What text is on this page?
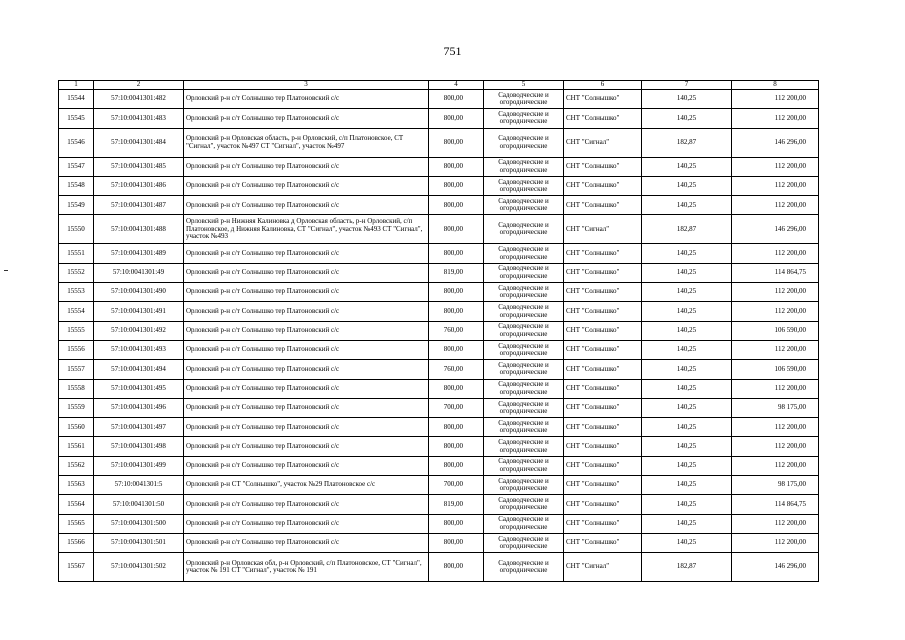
751
1	2	3	4	5	6	7	8
15544	57:10:0041301:482	Орловский р-н с/т Солнышко тер Платоновский с/с	800,00	Садоводческие и огороднические	СНТ "Солнышко"	140,25	112 200,00
15545	57:10:0041301:483	Орловский р-н с/т Солнышко тер Платоновский с/с	800,00	Садоводческие и огороднические	СНТ "Солнышко"	140,25	112 200,00
15546	57:10:0041301:484	Орловский р-н Орловская область, р-н Орловский, с/п Платоновское, СТ "Сигнал", участок №497 СТ "Сигнал", участок №497	800,00	Садоводческие и огороднические	СНТ "Сигнал"	182,87	146 296,00
15547	57:10:0041301:485	Орловский р-н с/т Солнышко тер Платоновский с/с	800,00	Садоводческие и огороднические	СНТ "Солнышко"	140,25	112 200,00
15548	57:10:0041301:486	Орловский р-н с/т Солнышко тер Платоновский с/с	800,00	Садоводческие и огороднические	СНТ "Солнышко"	140,25	112 200,00
15549	57:10:0041301:487	Орловский р-н с/т Солнышко тер Платоновский с/с	800,00	Садоводческие и огороднические	СНТ "Солнышко"	140,25	112 200,00
15550	57:10:0041301:488	Орловский р-н Нижняя Калиновка д Орловская область, р-н Орловский, с/п Платоновское, д Нижняя Калиновка, СТ "Сигнал", участок №493 СТ "Сигнал", участок №493	800,00	Садоводческие и огороднические	СНТ "Сигнал"	182,87	146 296,00
15551	57:10:0041301:489	Орловский р-н с/т Солнышко тер Платоновский с/с	800,00	Садоводческие и огороднические	СНТ "Солнышко"	140,25	112 200,00
15552	57:10:0041301:49	Орловский р-н с/т Солнышко тер Платоновский с/с	819,00	Садоводческие и огороднические	СНТ "Солнышко"	140,25	114 864,75
15553	57:10:0041301:490	Орловский р-н с/т Солнышко тер Платоновский с/с	800,00	Садоводческие и огороднические	СНТ "Солнышко"	140,25	112 200,00
15554	57:10:0041301:491	Орловский р-н с/т Солнышко тер Платоновский с/с	800,00	Садоводческие и огороднические	СНТ "Солнышко"	140,25	112 200,00
15555	57:10:0041301:492	Орловский р-н с/т Солнышко тер Платоновский с/с	760,00	Садоводческие и огороднические	СНТ "Солнышко"	140,25	106 590,00
15556	57:10:0041301:493	Орловский р-н с/т Солнышко тер Платоновский с/с	800,00	Садоводческие и огороднические	СНТ "Солнышко"	140,25	112 200,00
15557	57:10:0041301:494	Орловский р-н с/т Солнышко тер Платоновский с/с	760,00	Садоводческие и огороднические	СНТ "Солнышко"	140,25	106 590,00
15558	57:10:0041301:495	Орловский р-н с/т Солнышко тер Платоновский с/с	800,00	Садоводческие и огороднические	СНТ "Солнышко"	140,25	112 200,00
15559	57:10:0041301:496	Орловский р-н с/т Солнышко тер Платоновский с/с	700,00	Садоводческие и огороднические	СНТ "Солнышко"	140,25	98 175,00
15560	57:10:0041301:497	Орловский р-н с/т Солнышко тер Платоновский с/с	800,00	Садоводческие и огороднические	СНТ "Солнышко"	140,25	112 200,00
15561	57:10:0041301:498	Орловский р-н с/т Солнышко тер Платоновский с/с	800,00	Садоводческие и огороднические	СНТ "Солнышко"	140,25	112 200,00
15562	57:10:0041301:499	Орловский р-н с/т Солнышко тер Платоновский с/с	800,00	Садоводческие и огороднические	СНТ "Солнышко"	140,25	112 200,00
15563	57:10:0041301:5	Орловский р-н СТ "Солнышко", участок №29 Платоновское с/с	700,00	Садоводческие и огороднические	СНТ "Солнышко"	140,25	98 175,00
15564	57:10:0041301:50	Орловский р-н с/т Солнышко тер Платоновский с/с	819,00	Садоводческие и огороднические	СНТ "Солнышко"	140,25	114 864,75
15565	57:10:0041301:500	Орловский р-н с/т Солнышко тер Платоновский с/с	800,00	Садоводческие и огороднические	СНТ "Солнышко"	140,25	112 200,00
15566	57:10:0041301:501	Орловский р-н с/т Солнышко тер Платоновский с/с	800,00	Садоводческие и огороднические	СНТ "Солнышко"	140,25	112 200,00
15567	57:10:0041301:502	Орловский р-н Орловская обл, р-н Орловский, с/п Платоновское, СТ "Сигнал", участок № 191 СТ "Сигнал", участок № 191	800,00	Садоводческие и огороднические	СНТ "Сигнал"	182,87	146 296,00
